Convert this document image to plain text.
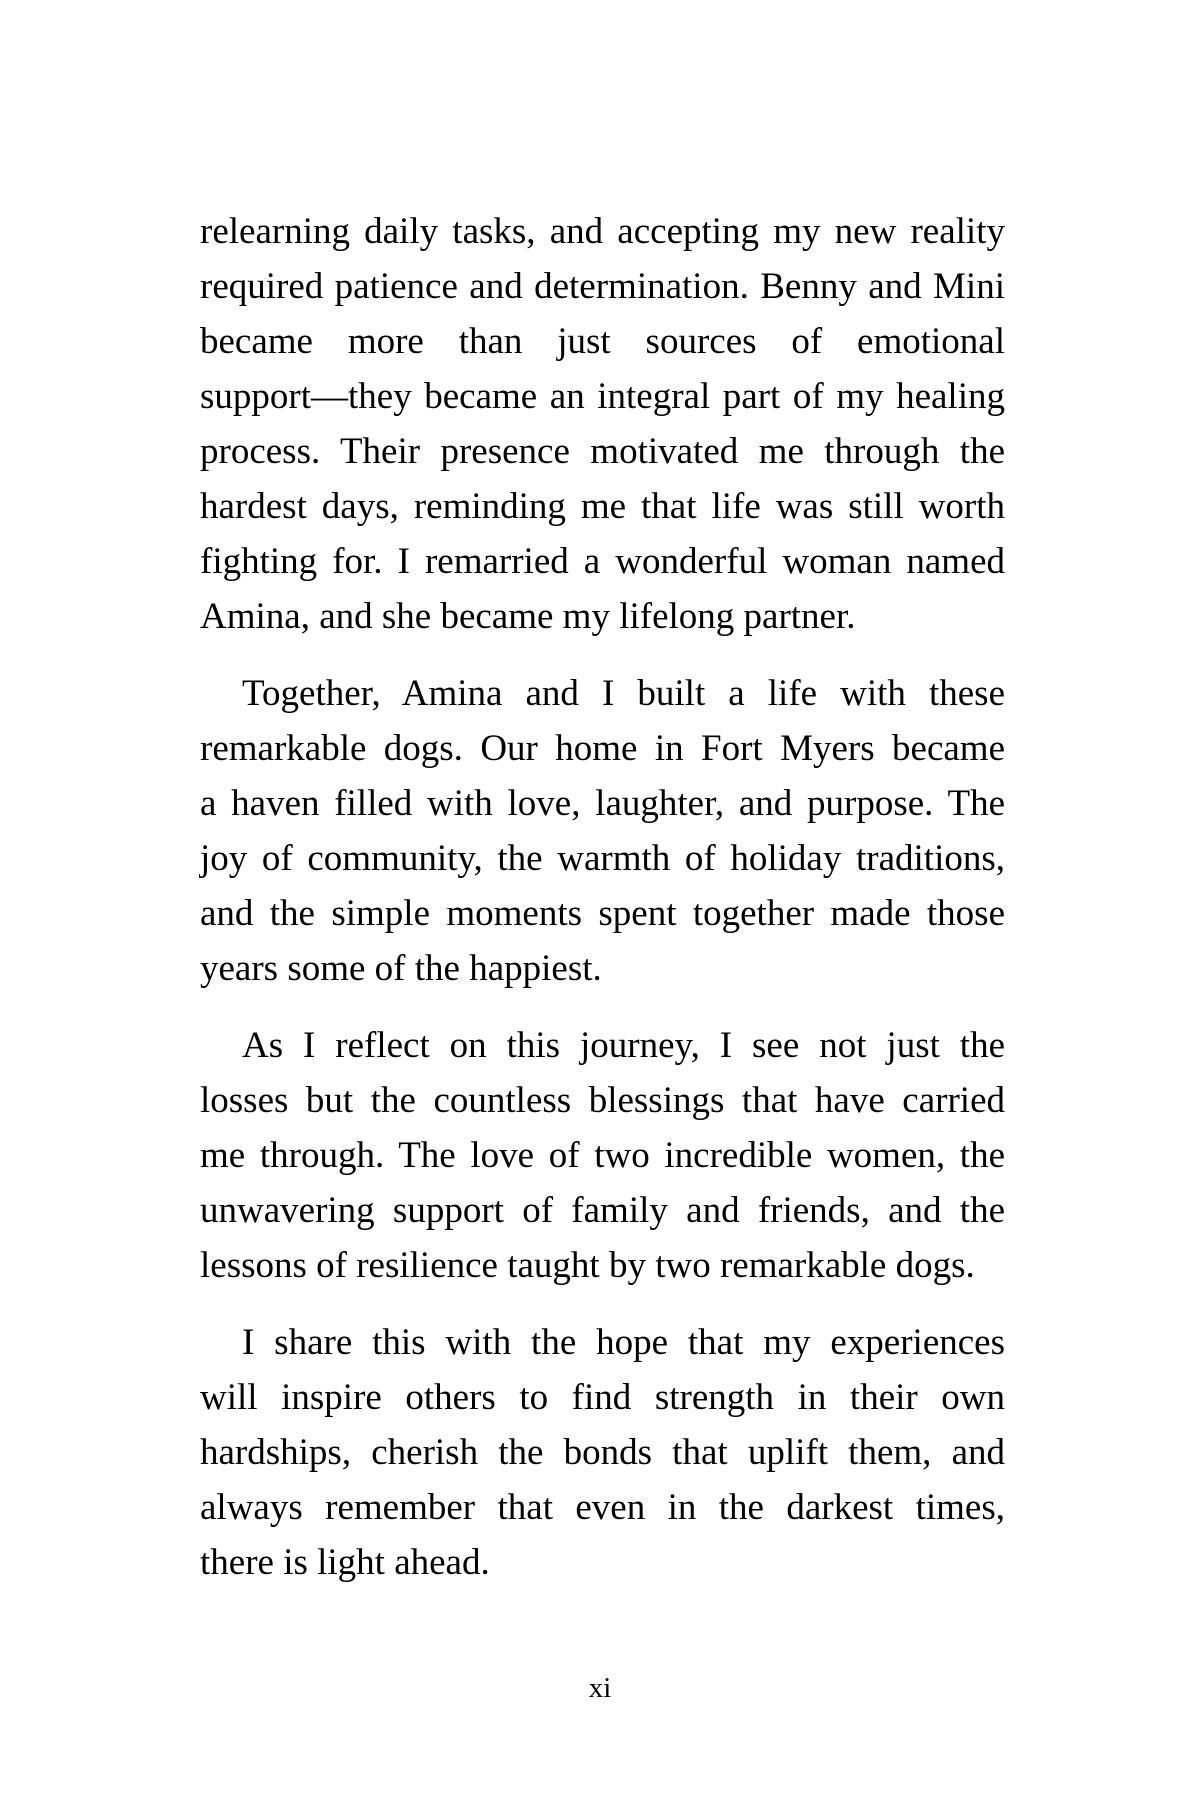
relearning daily tasks, and accepting my new reality
required patience and determination. Benny and Mini
became more than just sources of emotional
support—they became an integral part of my healing
process. Their presence motivated me through the
hardest days, reminding me that life was still worth
fighting for. I remarried a wonderful woman named
Amina, and she became my lifelong partner.
Together, Amina and I built a life with these
remarkable dogs. Our home in Fort Myers became
a haven filled with love, laughter, and purpose. The
joy of community, the warmth of holiday traditions,
and the simple moments spent together made those
years some of the happiest.
As I reflect on this journey, I see not just the
losses but the countless blessings that have carried
me through. The love of two incredible women, the
unwavering support of family and friends, and the
lessons of resilience taught by two remarkable dogs.
I share this with the hope that my experiences
will inspire others to find strength in their own
hardships, cherish the bonds that uplift them, and
always remember that even in the darkest times,
there is light ahead.
xi
